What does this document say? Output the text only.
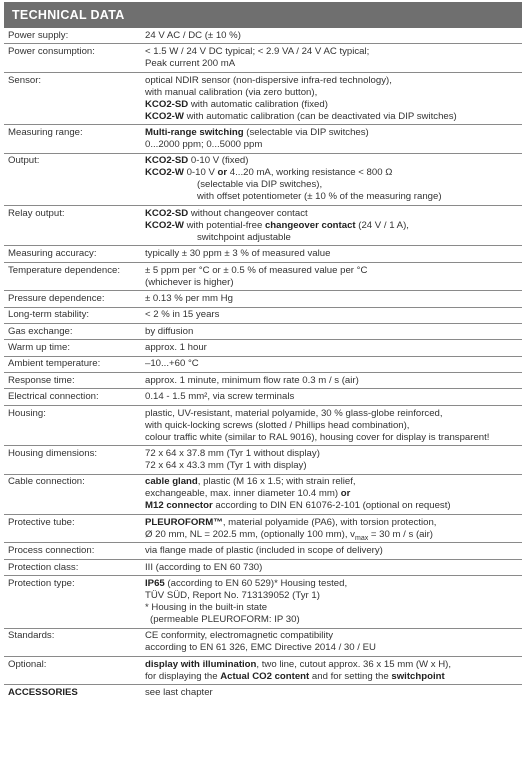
TECHNICAL DATA
Power supply:	24 V AC / DC (± 10 %)

Power consumption:	< 1.5 W / 24 V DC typical; < 2.9 VA / 24 V AC typical;
Peak current 200 mA

Sensor:	optical NDIR sensor (non-dispersive infra-red technology),
with manual calibration (via zero button),
KCO2-SD with automatic calibration (fixed)
KCO2-W with automatic calibration (can be deactivated via DIP switches)

Measuring range:	Multi-range switching (selectable via DIP switches)
0...2000 ppm; 0...5000 ppm

Output:	KCO2-SD 0-10 V (fixed)
KCO2-W 0-10 V or 4...20 mA, working resistance < 800 Ω
(selectable via DIP switches),
with offset potentiometer (± 10 % of the measuring range)

Relay output:	KCO2-SD without changeover contact
KCO2-W with potential-free changeover contact (24 V / 1 A),
switchpoint adjustable

Measuring accuracy:	typically ± 30 ppm ± 3 % of measured value

Temperature dependence:	± 5 ppm per °C or ± 0.5 % of measured value per °C
(whichever is higher)

Pressure dependence:	± 0.13 % per mm Hg

Long-term stability:	< 2 % in 15 years

Gas exchange:	by diffusion

Warm up time:	approx. 1 hour

Ambient temperature:	–10...+60 °C

Response time:	approx. 1 minute, minimum flow rate 0.3 m / s (air)

Electrical connection:	0.14 - 1.5 mm², via screw terminals

Housing:	plastic, UV-resistant, material polyamide, 30 % glass-globe reinforced,
with quick-locking screws (slotted / Phillips head combination),
colour traffic white (similar to RAL 9016), housing cover for display is transparent!

Housing dimensions:	72 x 64 x 37.8 mm (Tyr 1 without display)
72 x 64 x 43.3 mm (Tyr 1 with display)

Cable connection:	cable gland, plastic (M 16 x 1.5; with strain relief,
exchangeable, max. inner diameter 10.4 mm) or
M12 connector according to DIN EN 61076-2-101 (optional on request)

Protective tube:	PLEUROFORM™, material polyamide (PA6), with torsion protection,
Ø 20 mm, NL = 202.5 mm, (optionally 100 mm), $v_{max} = 30$ m / s (air)

Process connection:	via flange made of plastic (included in scope of delivery)

Protection class:	III (according to EN 60 730)

Protection type:	IP65 (according to EN 60 529)* Housing tested,
TÜV SÜD, Report No. 713139052 (Tyr 1)
* Housing in the built-in state
(permeable PLEUROFORM: IP 30)

Standards:	CE conformity, electromagnetic compatibility
according to EN 61 326, EMC Directive 2014 / 30 / EU

Optional:	display with illumination, two line, cutout approx. 36 x 15 mm (W x H),
for displaying the Actual CO2 content and for setting the switchpoint

ACCESSORIES	see last chapter
